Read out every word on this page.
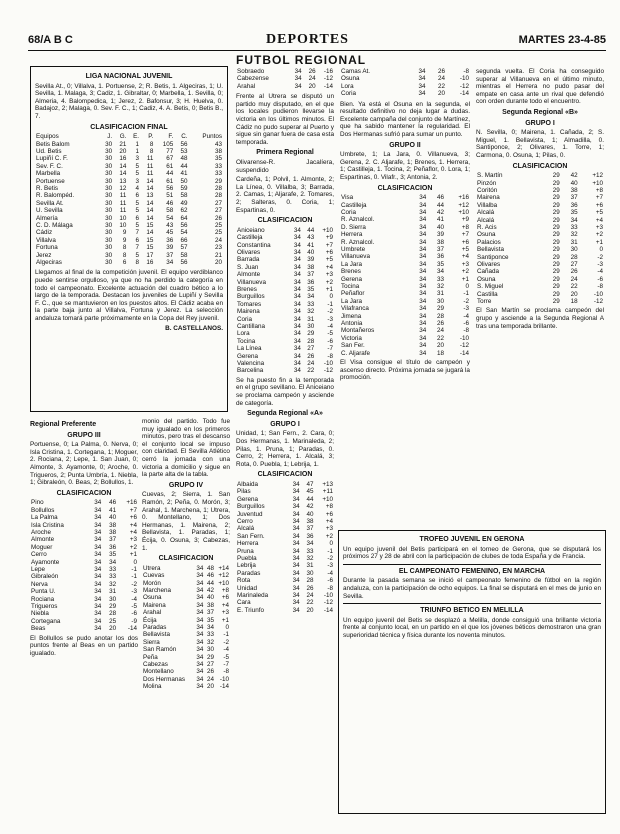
68/A B C	DEPORTES	MARTES 23-4-85
FUTBOL REGIONAL
LIGA NACIONAL JUVENIL
Sevilla At., 0; Villalva, 1. Portuense, 2; R. Betis, 1. Algeciras, 1; U. Sevilla, 1. Malaga, 3; Cadiz, 1. Gibraltar, 0; Marbella, 1. Sevilla, 0; Almeria, 4. Balompedica, 1; Jerez, 2. Bafonsur, 3; H. Huelva, 0. Badajoz, 2; Malaga, 0. Sev. F. C., 1; Cadiz, 4. A. Betis, 0; Betis B., 7.
CLASIFICACION FINAL
Equipos	J.	G.	E.	P.	F.	C.	Puntos
Betis Balom	30	21	1	8	105	56	43
Ud. Betis	30	20	1	8	77	53	38
Lupiñí C. F.	30	16	3	11	67	48	35
Sev. F. C.	30	14	5	11	61	44	33
Marbella	30	14	5	11	44	41	33
Portuense	30	13	3	14	61	50	29
R. Betis	30	12	4	14	56	59	28
R. Balompéd.	30	11	6	13	51	58	28
Sevilla At.	30	11	5	14	46	49	27
U. Sevilla	30	11	5	14	58	62	27
Almería	30	10	6	14	54	64	26
C. D. Málaga	30	10	5	15	43	56	25
Cádiz	30	9	7	14	45	54	25
Villalva	30	9	6	15	36	66	24
Fortuna	30	8	7	15	39	57	23
Jerez	30	8	5	17	37	58	21
Algeciras	30	6	8	16	34	56	20
Llegamos al final de la competición juvenil. El equipo verdiblanco puede sentirse orgulloso, ya que no ha perdido la categoría en todo el campeonato. Excelente actuación del cuadro bético a lo largo de la temporada. Destacan los juveniles de Lupiñí y Sevilla F. C., que se mantuvieron en los puestos altos. El Cádiz acaba en la parte baja junto al Villalva, Fortuna y Jerez. La selección andaluza tomará parte próximamente en la Copa del Rey juvenil.
B. CASTELLANOS.
Regional Preferente
GRUPO III
Portuense, 0; La Palma, 0. Nerva, 0; Isla Cristina, 1. Cortegana, 1; Moguer, 2. Rociana, 2; Lepe, 1. San Juan, 0; Almonte, 3. Ayamonte, 0; Aroche, 0. Trigueros, 2; Punta Umbría, 1. Niebla, 1; Gibraleón, 0. Beas, 2; Bollullos, 1.
CLASIFICACION
Pino	34	46	+16
Bollullos	34	41	+7
La Palma	34	40	+6
Isla Cristina	34	38	+4
Aroche	34	38	+4
Almonte	34	37	+3
Moguer	34	36	+2
Cerro	34	35	+1
Ayamonte	34	34	0
Lepe	34	33	-1
Gibraleón	34	33	-1
Nerva	34	32	-2
Punta U.	34	31	-3
Rociana	34	30	-4
Trigueros	34	29	-5
Niebla	34	28	-6
Cortegana	34	25	-9
Beas	34	20	-14
El Bollullos se pudo anotar los dos puntos frente al Beas en un partido igualado.
monio del partido. Todo fue muy igualado en los primeros minutos, pero tras el descanso el conjunto local se impuso con claridad. El Sevilla Atlético cerró la jornada con una victoria a domicilio y sigue en la parte alta de la tabla.
GRUPO IV
Cuevas, 2; Sierra, 1. San Ramón, 2; Peña, 0. Morón, 3; Arahal, 1. Marchena, 1; Utrera, 0. Montellano, 1; Dos Hermanas, 1. Mairena, 2; Bellavista, 1. Paradas, 1; Écija, 0. Osuna, 3; Cabezas, 1.
CLASIFICACION
Utrera	34	48	+14
Cuevas	34	46	+12
Morón	34	44	+10
Marchena	34	42	+8
Osuna	34	40	+6
Mairena	34	38	+4
Arahal	34	37	+3
Écija	34	35	+1
Paradas	34	34	0
Bellavista	34	33	-1
Sierra	34	32	-2
San Ramón	34	30	-4
Peña	34	29	-5
Cabezas	34	27	-7
Montellano	34	26	-8
Dos Hermanas	34	24	-10
Molina	34	20	-14
Sobraedo	34	26	-16
Cabezense	34	24	-12
Arahal	34	20	-14
Frente al Utrera se disputó un partido muy disputado, en el que los locales pudieron llevarse la victoria en los últimos minutos. El Cádiz no pudo superar al Puerto y sigue sin ganar fuera de casa esta temporada.
Primera Regional
Olivarense-R. Jacalíera, suspendido
Cardeña, 1; Polvil, 1. Almonte, 2; La Línea, 0. Villalba, 3; Barrada, 2. Camas, 1; Aljarafe, 2. Tomares, 2; Salteras, 0. Coria, 1; Espartinas, 0.
CLASIFICACION
Aniceiano	34	44	+10
Castilleja	34	43	+9
Constantina	34	41	+7
Olivares	34	40	+6
Barrada	34	39	+5
S. Juan	34	38	+4
Almonte	34	37	+3
Villanueva	34	36	+2
Brenes	34	35	+1
Burguillos	34	34	0
Tomares	34	33	-1
Mairena	34	32	-2
Coria	34	31	-3
Cantillana	34	30	-4
Lora	34	29	-5
Tocina	34	28	-6
La Línea	34	27	-7
Gerena	34	26	-8
Valencina	34	24	-10
Barcelina	34	22	-12
Se ha puesto fin a la temporada en el grupo sevillano. El Aniceiano se proclama campeón y asciende de categoría.
Segunda Regional «A»
GRUPO I
Unidad, 1; San Fern., 2. Cara, 0; Dos Hermanas, 1. Marinaleda, 2; Pilas, 1. Pruna, 1; Paradas, 0. Cerro, 2; Herrera, 1. Alcalá, 3; Rota, 0. Puebla, 1; Lebrija, 1.
CLASIFICACION
Albaida	34	47	+13
Pilas	34	45	+11
Gerena	34	44	+10
Burguillos	34	42	+8
Juventud	34	40	+6
Cerro	34	38	+4
Alcalá	34	37	+3
San Fern.	34	36	+2
Herrera	34	34	0
Pruna	34	33	-1
Puebla	34	32	-2
Lebrija	34	31	-3
Paradas	34	30	-4
Rota	34	28	-6
Unidad	34	26	-8
Marinaleda	34	24	-10
Cara	34	22	-12
E. Triunfo	34	20	-14
Camas At.	34	26	-8
Osuna	34	24	-10
Lora	34	22	-12
Coria	34	20	-14
Bien. Ya está el Osuna en la segunda, el resultado definitivo no deja lugar a dudas. Excelente campaña del conjunto de Martínez, que ha sabido mantener la regularidad. El Dos Hermanas sufrió para sumar un punto.
GRUPO II
Umbrete, 1; La Jara, 0. Villanueva, 3; Gerena, 2. C. Aljarafe, 1; Brenes, 1. Herrera, 1; Castilleja, 1. Tocina, 2; Peñaflor, 0. Lora, 1; Espartinas, 0. Vilafr., 3; Antonia, 2.
CLASIFICACION
Visa	34	46	+16
Castilleja	34	44	+12
Coria	34	42	+10
R. Aznalcol.	34	41	+9
D. Sierra	34	40	+8
Herrera	34	39	+7
R. Aznalcol.	34	38	+6
Umbrete	34	37	+5
Villanueva	34	36	+4
La Jara	34	35	+3
Brenes	34	34	+2
Gerena	34	33	+1
Tocina	34	32	0
Peñaflor	34	31	-1
La Jara	34	30	-2
Vilafranca	34	29	-3
Jimena	34	28	-4
Antonia	34	26	-6
Montañeros	34	24	-8
Victoria	34	22	-10
San Fer.	34	20	-12
C. Aljarafe	34	18	-14
El Visa consigue el título de campeón y ascenso directo. Próxima jornada se jugará la promoción.
segunda vuelta. El Coria ha conseguido superar al Villanueva en el último minuto, mientras el Herrera no pudo pasar del empate en casa ante un rival que defendió con orden durante todo el encuentro.
Segunda Regional «B»
GRUPO I
N. Sevilla, 0; Mairena, 1. Cañada, 2; S. Miguel, 1. Bellavista, 1; Almadilla, 0. Santiponce, 2; Olivares, 1. Torre, 1; Carmona, 0. Osuna, 1; Pilas, 0.
CLASIFICACION
S. Martín	29	42	+12
Pinzón	29	40	+10
Coritón	29	38	+8
Mairena	29	37	+7
Villalba	29	36	+6
Alcalá	29	35	+5
Alcalá	29	34	+4
R. Acis	29	33	+3
Osuna	29	32	+2
Palacios	29	31	+1
Bellavista	29	30	0
Santiponce	29	28	-2
Olivares	29	27	-3
Cañada	29	26	-4
Osuna	29	24	-6
S. Miguel	29	22	-8
Castilla	29	20	-10
Torre	29	18	-12
El San Martín se proclama campeón del grupo y asciende a la Segunda Regional A tras una temporada brillante.
TROFEO JUVENIL EN GERONA
Un equipo juvenil del Betis participará en el torneo de Gerona, que se disputará los próximos 27 y 28 de abril con la participación de clubes de toda España y de Francia.
EL CAMPEONATO FEMENINO, EN MARCHA
Durante la pasada semana se inició el campeonato femenino de fútbol en la región andaluza, con la participación de ocho equipos. La final se disputará en el mes de junio en Sevilla.
TRIUNFO BETICO EN MELILLA
Un equipo juvenil del Betis se desplazó a Melilla, donde consiguió una brillante victoria frente al conjunto local, en un partido en el que los jóvenes béticos demostraron una gran superioridad técnica y física durante los noventa minutos.
